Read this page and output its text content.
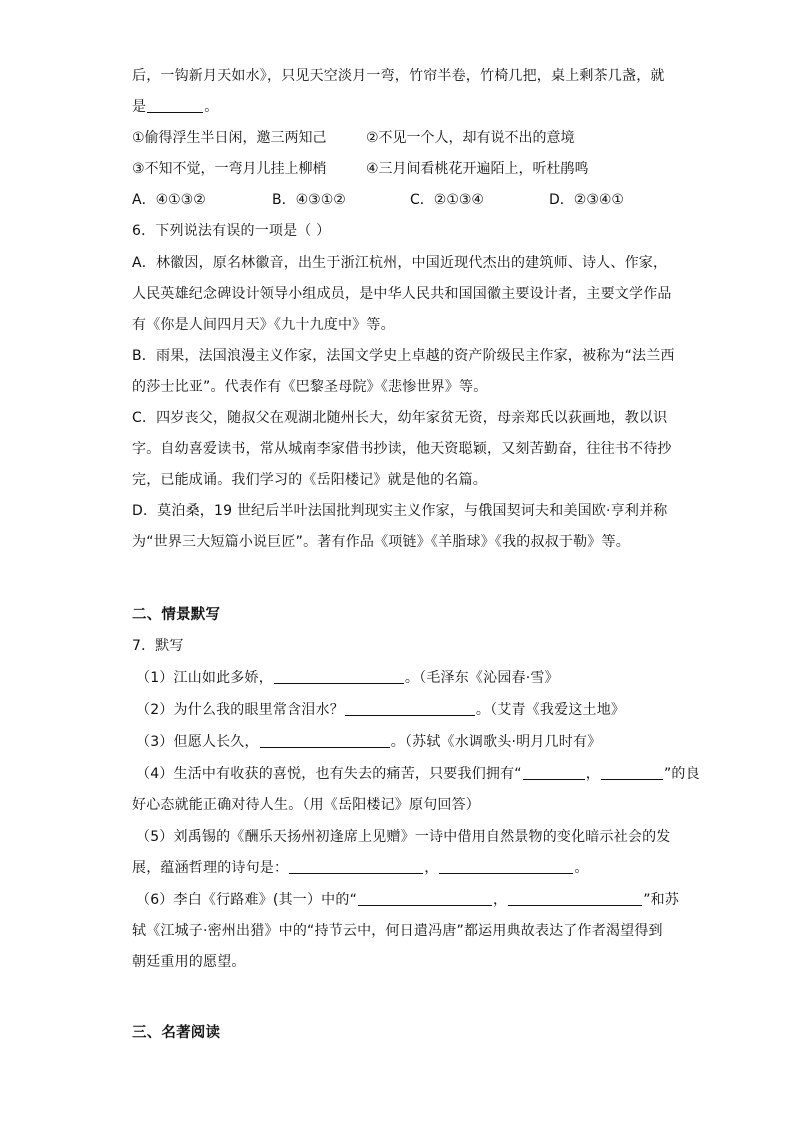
后，一钩新月天如水》，只见天空淡月一弯，竹帘半卷，竹椅几把，桌上剩茶几盏，就
是	。
①偷得浮生半日闲，邀三两知己	②不见一个人，却有说不出的意境
③不知不觉，一弯月儿挂上柳梢	④三月间看桃花开遍陌上，听杜鹃鸣
A．④①③②	B．④③①②	C．②①③④	D．②③④①
6．下列说法有误的一项是（ ）
A．林徽因，原名林徽音，出生于浙江杭州，中国近现代杰出的建筑师、诗人、作家，
人民英雄纪念碑设计领导小组成员，是中华人民共和国国徽主要设计者，主要文学作品
有《你是人间四月天》《九十九度中》等。
B．雨果，法国浪漫主义作家，法国文学史上卓越的资产阶级民主作家，被称为“法兰西
的莎士比亚”。代表作有《巴黎圣母院》《悲惨世界》等。
C．四岁丧父，随叔父在观湖北随州长大，幼年家贫无资，母亲郑氏以荻画地，教以识
字。自幼喜爱读书，常从城南李家借书抄读，他天资聪颖，又刻苦勤奋，往往书不待抄
完，已能成诵。我们学习的《岳阳楼记》就是他的名篇。
D．莫泊桑，19 世纪后半叶法国批判现实主义作家，与俄国契诃夫和美国欧·亨利并称
为“世界三大短篇小说巨匠”。著有作品《项链》《羊脂球》《我的叔叔于勒》等。
二、情景默写
7．默写
（1）江山如此多娇，	。（毛泽东《沁园春·雪》
（2）为什么我的眼里常含泪水？	。（艾青《我爱这土地》
（3）但愿人长久，	。（苏轼《水调歌头·明月几时有》
（4）生活中有收获的喜悦，也有失去的痛苦，只要我们拥有“	，	”的良
好心态就能正确对待人生。（用《岳阳楼记》原句回答）
（5）刘禹锡的《酬乐天扬州初逢席上见赠》一诗中借用自然景物的变化暗示社会的发
展，蕴涵哲理的诗句是：	，	。
（6）李白《行路难》(其一）中的“	，	”和苏
轼《江城子·密州出猎》中的“持节云中，何日遣冯唐”都运用典故表达了作者渴望得到
朝廷重用的愿望。
三、名著阅读
